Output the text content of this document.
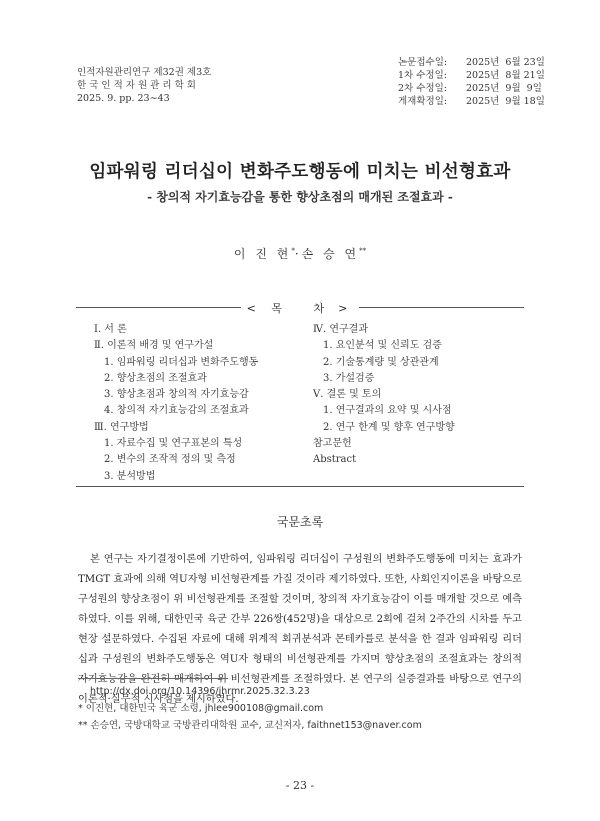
인적자원관리연구 제32권 제3호
한 국 인 적 자 원 관 리 학 회
2025. 9. pp. 23∼43
논문접수일:	2025년  6월 23일
1차 수정일:	2025년  8월 21일
2차 수정일:	2025년  9월  9일
게재확정일:	2025년  9월 18일
임파워링 리더십이 변화주도행동에 미치는 비선형효과
- 창의적 자기효능감을 통한 향상초점의 매개된 조절효과 -
이 진 현*·손 승 연**
< 목 차>
Ⅰ. 서 론
Ⅱ. 이론적 배경 및 연구가설
1. 임파워링 리더십과 변화주도행동
2. 향상초점의 조절효과
3. 향상초점과 창의적 자기효능감
4. 창의적 자기효능감의 조절효과
Ⅲ. 연구방법
1. 자료수집 및 연구표본의 특성
2. 변수의 조작적 정의 및 측정
3. 분석방법
Ⅳ. 연구결과
1. 요인분석 및 신뢰도 검증
2. 기술통계량 및 상관관계
3. 가설검증
Ⅴ. 결론 및 토의
1. 연구결과의 요약 및 시사점
2. 연구 한계 및 향후 연구방향
참고문헌
Abstract
국문초록
본 연구는 자기결정이론에 기반하여, 임파워링 리더십이 구성원의 변화주도행동에 미치는 효과가 TMGT 효과에 의해 역U자형 비선형관계를 가질 것이라 제기하였다. 또한, 사회인지이론을 바탕으로 구성원의 향상초점이 위 비선형관계를 조절할 것이며, 창의적 자기효능감이 이를 매개할 것으로 예측하였다. 이를 위해, 대한민국 육군 간부 226쌍(452명)을 대상으로 2회에 걸쳐 2주간의 시차를 두고 현장 설문하였다. 수집된 자료에 대해 위계적 회귀분석과 몬테카를로 분석을 한 결과 임파워링 리더십과 구성원의 변화주도행동은 역U자 형태의 비선형관계를 가지며 향상초점의 조절효과는 창의적 자기효능감을 완전히 매개하여 위 비선형관계를 조절하였다. 본 연구의 실증결과를 바탕으로 연구의 이론적·실무적 시사점을 제시하였다.
http://dx.doi.org/10.14396/jhrmr.2025.32.3.23
* 이진현, 대한민국 육군 소령, jhlee900108@gmail.com
** 손승연, 국방대학교 국방관리대학원 교수, 교신저자, faithnet153@naver.com
- 23 -
